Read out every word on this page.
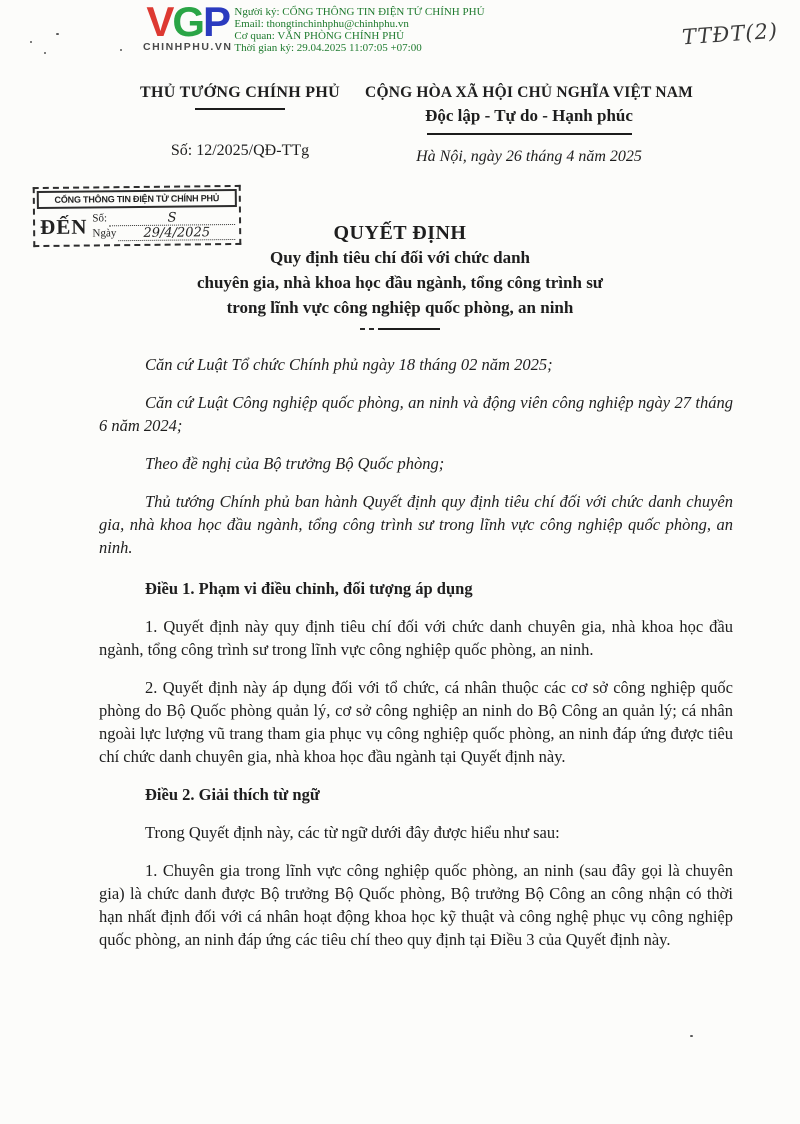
VGP
CHINHPHU.VN
Người ký: CỔNG THÔNG TIN ĐIỆN TỬ CHÍNH PHỦ
Email: thongtinchinhphu@chinhphu.vn
Cơ quan: VĂN PHÒNG CHÍNH PHỦ
Thời gian ký: 29.04.2025 11:07:05 +07:00	TTĐT(2)
THỦ TƯỚNG CHÍNH PHỦ
Số: 12/2025/QĐ-TTg
CỘNG HÒA XÃ HỘI CHỦ NGHĨA VIỆT NAM
Độc lập - Tự do - Hạnh phúc
Hà Nội, ngày 26 tháng 4 năm 2025
CỔNG THÔNG TIN ĐIỆN TỬ CHÍNH PHỦ
ĐẾN Số:	S
Ngày	29/4/2025	QUYẾT ĐỊNH
Quy định tiêu chí đối với chức danh
chuyên gia, nhà khoa học đầu ngành, tổng công trình sư
trong lĩnh vực công nghiệp quốc phòng, an ninh

Căn cứ Luật Tổ chức Chính phủ ngày 18 tháng 02 năm 2025;

Căn cứ Luật Công nghiệp quốc phòng, an ninh và động viên công nghiệp ngày 27 tháng 6 năm 2024;

Theo đề nghị của Bộ trưởng Bộ Quốc phòng;

Thủ tướng Chính phủ ban hành Quyết định quy định tiêu chí đối với chức danh chuyên gia, nhà khoa học đầu ngành, tổng công trình sư trong lĩnh vực công nghiệp quốc phòng, an ninh.

Điều 1. Phạm vi điều chỉnh, đối tượng áp dụng

1. Quyết định này quy định tiêu chí đối với chức danh chuyên gia, nhà khoa học đầu ngành, tổng công trình sư trong lĩnh vực công nghiệp quốc phòng, an ninh.

2. Quyết định này áp dụng đối với tổ chức, cá nhân thuộc các cơ sở công nghiệp quốc phòng do Bộ Quốc phòng quản lý, cơ sở công nghiệp an ninh do Bộ Công an quản lý; cá nhân ngoài lực lượng vũ trang tham gia phục vụ công nghiệp quốc phòng, an ninh đáp ứng được tiêu chí chức danh chuyên gia, nhà khoa học đầu ngành tại Quyết định này.

Điều 2. Giải thích từ ngữ

Trong Quyết định này, các từ ngữ dưới đây được hiểu như sau:

1. Chuyên gia trong lĩnh vực công nghiệp quốc phòng, an ninh (sau đây gọi là chuyên gia) là chức danh được Bộ trưởng Bộ Quốc phòng, Bộ trưởng Bộ Công an công nhận có thời hạn nhất định đối với cá nhân hoạt động khoa học kỹ thuật và công nghệ phục vụ công nghiệp quốc phòng, an ninh đáp ứng các tiêu chí theo quy định tại Điều 3 của Quyết định này.
